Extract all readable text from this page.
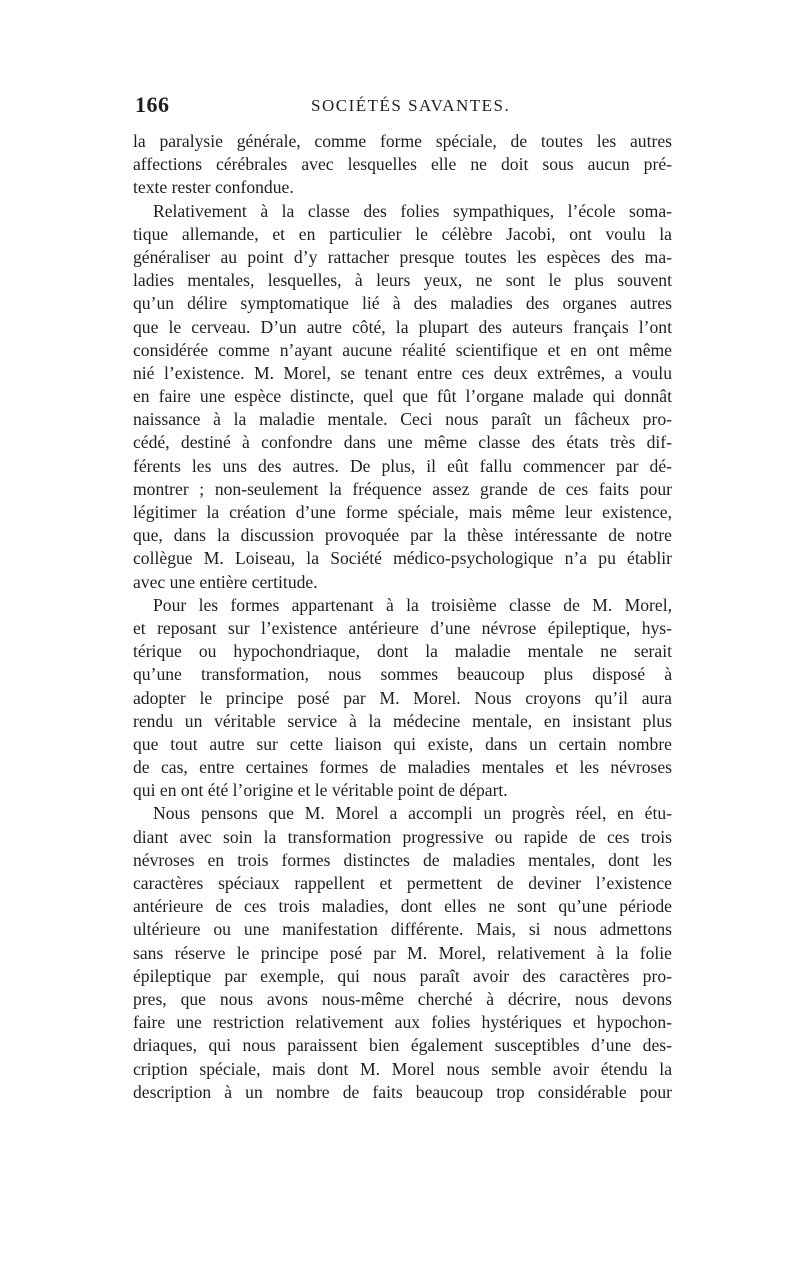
166	SOCIÉTÉS SAVANTES.
la paralysie générale, comme forme spéciale, de toutes les autres
affections cérébrales avec lesquelles elle ne doit sous aucun pré-
texte rester confondue.
Relativement à la classe des folies sympathiques, l’école soma-
tique allemande, et en particulier le célèbre Jacobi, ont voulu la
généraliser au point d’y rattacher presque toutes les espèces des ma-
ladies mentales, lesquelles, à leurs yeux, ne sont le plus souvent
qu’un délire symptomatique lié à des maladies des organes autres
que le cerveau. D’un autre côté, la plupart des auteurs français l’ont
considérée comme n’ayant aucune réalité scientifique et en ont même
nié l’existence. M. Morel, se tenant entre ces deux extrêmes, a voulu
en faire une espèce distincte, quel que fût l’organe malade qui donnât
naissance à la maladie mentale. Ceci nous paraît un fâcheux pro-
cédé, destiné à confondre dans une même classe des états très dif-
férents les uns des autres. De plus, il eût fallu commencer par dé-
montrer ; non-seulement la fréquence assez grande de ces faits pour
légitimer la création d’une forme spéciale, mais même leur existence,
que, dans la discussion provoquée par la thèse intéressante de notre
collègue M. Loiseau, la Société médico-psychologique n’a pu établir
avec une entière certitude.
Pour les formes appartenant à la troisième classe de M. Morel,
et reposant sur l’existence antérieure d’une névrose épileptique, hys-
térique ou hypochondriaque, dont la maladie mentale ne serait
qu’une transformation, nous sommes beaucoup plus disposé à
adopter le principe posé par M. Morel. Nous croyons qu’il aura
rendu un véritable service à la médecine mentale, en insistant plus
que tout autre sur cette liaison qui existe, dans un certain nombre
de cas, entre certaines formes de maladies mentales et les névroses
qui en ont été l’origine et le véritable point de départ.
Nous pensons que M. Morel a accompli un progrès réel, en étu-
diant avec soin la transformation progressive ou rapide de ces trois
névroses en trois formes distinctes de maladies mentales, dont les
caractères spéciaux rappellent et permettent de deviner l’existence
antérieure de ces trois maladies, dont elles ne sont qu’une période
ultérieure ou une manifestation différente. Mais, si nous admettons
sans réserve le principe posé par M. Morel, relativement à la folie
épileptique par exemple, qui nous paraît avoir des caractères pro-
pres, que nous avons nous-même cherché à décrire, nous devons
faire une restriction relativement aux folies hystériques et hypochon-
driaques, qui nous paraissent bien également susceptibles d’une des-
cription spéciale, mais dont M. Morel nous semble avoir étendu la
description à un nombre de faits beaucoup trop considérable pour
